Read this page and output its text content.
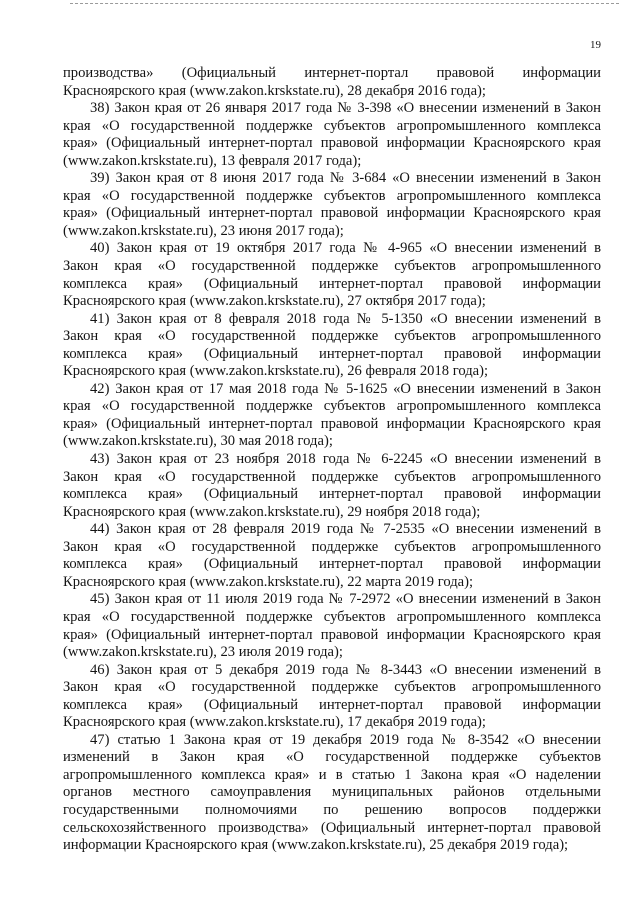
19
производства» (Официальный интернет-портал правовой информации
Красноярского края (www.zakon.krskstate.ru), 28 декабря 2016 года);
38) Закон края от 26 января 2017 года № 3-398 «О внесении изменений в Закон
края «О государственной поддержке субъектов агропромышленного комплекса
края» (Официальный интернет-портал правовой информации Красноярского края
(www.zakon.krskstate.ru), 13 февраля 2017 года);
39) Закон края от 8 июня 2017 года № 3-684 «О внесении изменений в Закон
края «О государственной поддержке субъектов агропромышленного комплекса
края» (Официальный интернет-портал правовой информации Красноярского края
(www.zakon.krskstate.ru), 23 июня 2017 года);
40) Закон края от 19 октября 2017 года № 4-965 «О внесении изменений в
Закон края «О государственной поддержке субъектов агропромышленного
комплекса края» (Официальный интернет-портал правовой информации
Красноярского края (www.zakon.krskstate.ru), 27 октября 2017 года);
41) Закон края от 8 февраля 2018 года № 5-1350 «О внесении изменений в
Закон края «О государственной поддержке субъектов агропромышленного
комплекса края» (Официальный интернет-портал правовой информации
Красноярского края (www.zakon.krskstate.ru), 26 февраля 2018 года);
42) Закон края от 17 мая 2018 года № 5-1625 «О внесении изменений в Закон
края «О государственной поддержке субъектов агропромышленного комплекса
края» (Официальный интернет-портал правовой информации Красноярского края
(www.zakon.krskstate.ru), 30 мая 2018 года);
43) Закон края от 23 ноября 2018 года № 6-2245 «О внесении изменений в
Закон края «О государственной поддержке субъектов агропромышленного
комплекса края» (Официальный интернет-портал правовой информации
Красноярского края (www.zakon.krskstate.ru), 29 ноября 2018 года);
44) Закон края от 28 февраля 2019 года № 7-2535 «О внесении изменений в
Закон края «О государственной поддержке субъектов агропромышленного
комплекса края» (Официальный интернет-портал правовой информации
Красноярского края (www.zakon.krskstate.ru), 22 марта 2019 года);
45) Закон края от 11 июля 2019 года № 7-2972 «О внесении изменений в Закон
края «О государственной поддержке субъектов агропромышленного комплекса
края» (Официальный интернет-портал правовой информации Красноярского края
(www.zakon.krskstate.ru), 23 июля 2019 года);
46) Закон края от 5 декабря 2019 года № 8-3443 «О внесении изменений в
Закон края «О государственной поддержке субъектов агропромышленного
комплекса края» (Официальный интернет-портал правовой информации
Красноярского края (www.zakon.krskstate.ru), 17 декабря 2019 года);
47) статью 1 Закона края от 19 декабря 2019 года № 8-3542 «О внесении
изменений в Закон края «О государственной поддержке субъектов
агропромышленного комплекса края» и в статью 1 Закона края «О наделении
органов местного самоуправления муниципальных районов отдельными
государственными полномочиями по решению вопросов поддержки
сельскохозяйственного производства» (Официальный интернет-портал правовой
информации Красноярского края (www.zakon.krskstate.ru), 25 декабря 2019 года);
